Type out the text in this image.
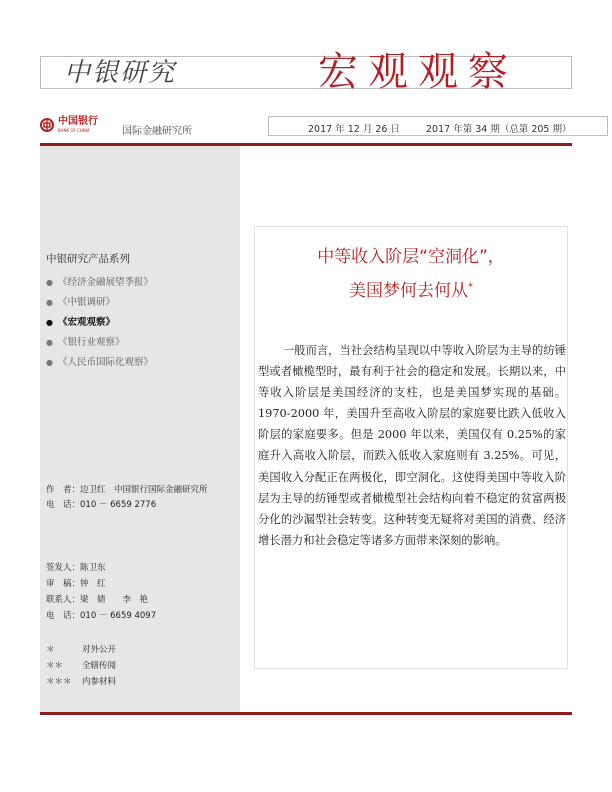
中银研究	宏观观察
中国银行
BANK OF CHINA	国际金融研究所	2017 年 12 月 26 日	2017 年第 34 期（总第 205 期）
中银研究产品系列
● 《经济金融展望季报》
● 《中银调研》
● 《宏观观察》
● 《银行业观察》
● 《人民币国际化观察》
作　者：边卫红　中国银行国际金融研究所
电　话：010 － 6659 2776
签发人：陈卫东
审　稿：钟　红
联系人：梁　婧　　李　艳
电　话：010 － 6659 4097
＊	对外公开
＊＊ 全辖传阅
＊＊＊ 内参材料
中等收入阶层“空洞化”，
美国梦何去何从*
一般而言，当社会结构呈现以中等收入阶层为主导的纺锤型或者橄榄型时，最有利于社会的稳定和发展。长期以来，中等收入阶层是美国经济的支柱，也是美国梦实现的基础。1970-2000 年，美国升至高收入阶层的家庭要比跌入低收入阶层的家庭要多。但是 2000 年以来，美国仅有 0.25%的家庭升入高收入阶层，而跌入低收入家庭则有 3.25%。可见，美国收入分配正在两极化，即空洞化。这使得美国中等收入阶层为主导的纺锤型或者橄榄型社会结构向着不稳定的贫富两极分化的沙漏型社会转变。这种转变无疑将对美国的消费、经济增长潜力和社会稳定等诸多方面带来深刻的影响。
